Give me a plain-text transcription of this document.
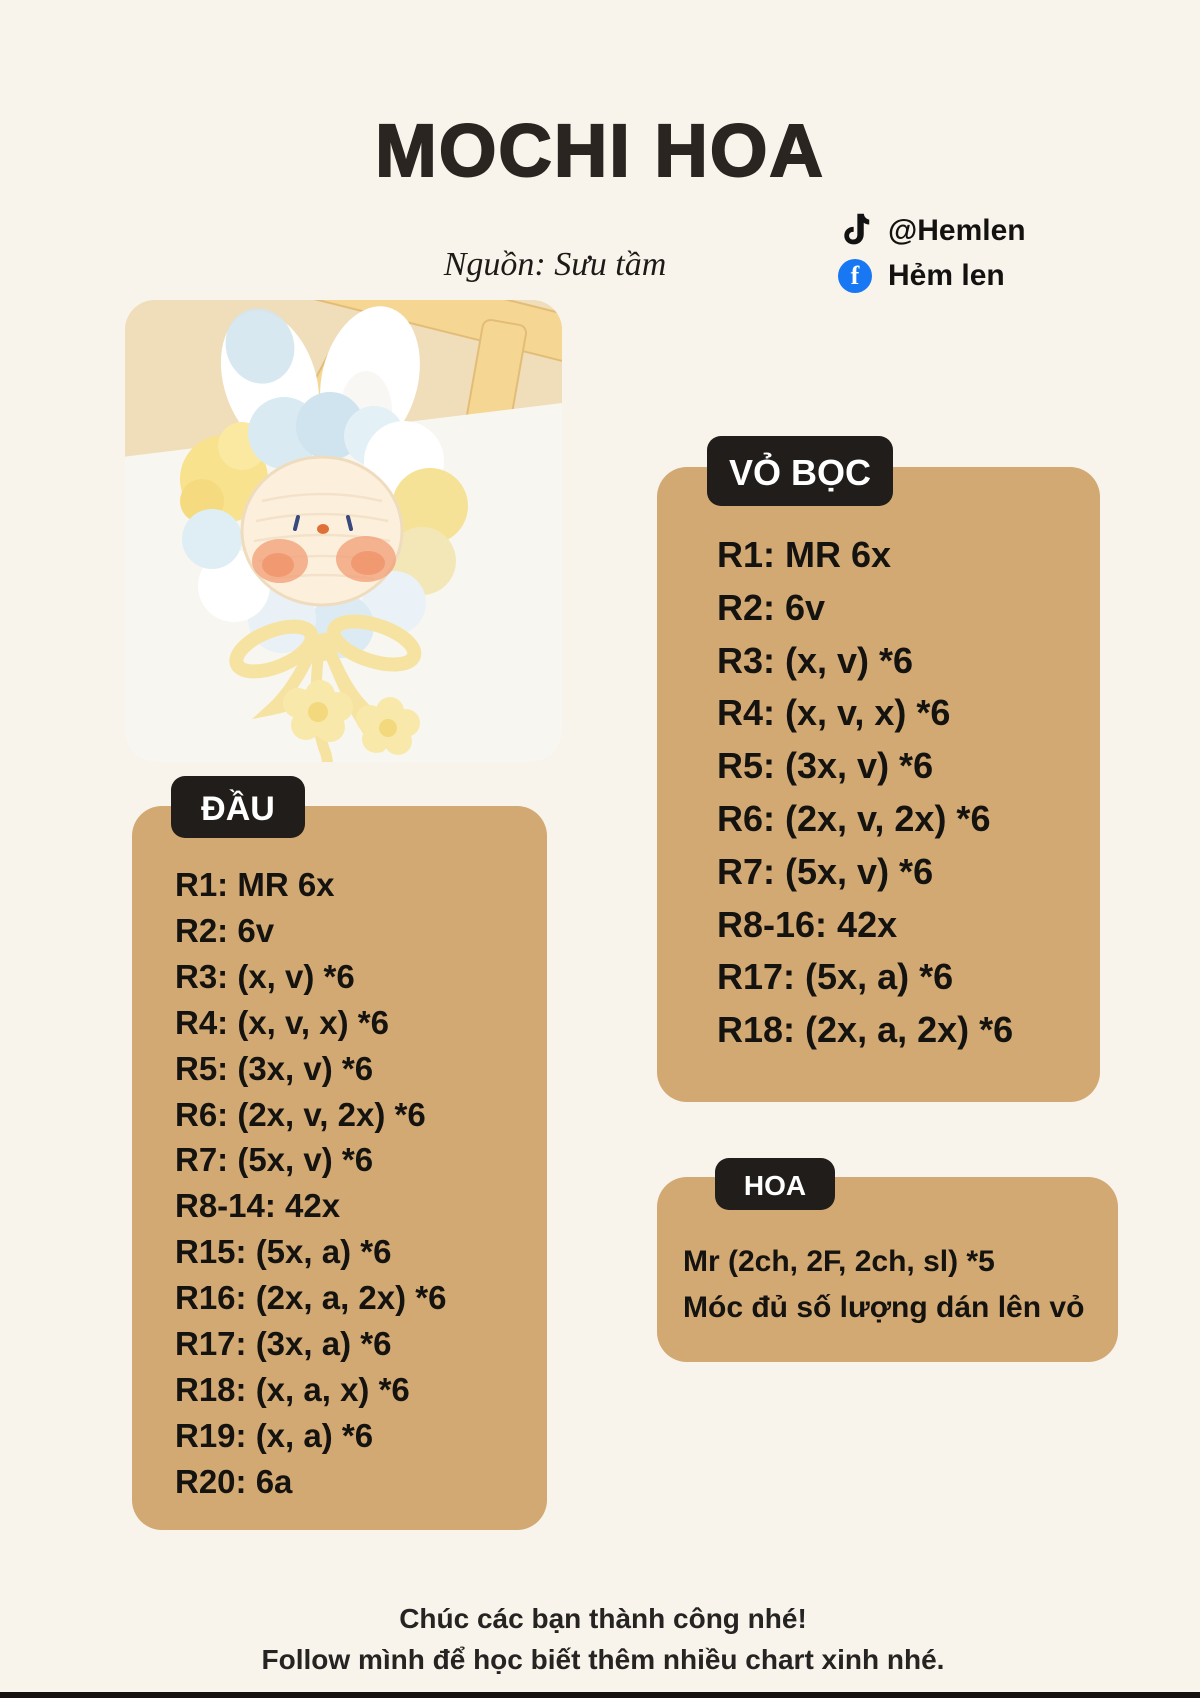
MOCHI HOA
Nguồn: Sưu tầm
@Hemlen
f Hẻm len
VỎ BỌC
R1: MR 6x
R2: 6v
R3: (x, v) *6
R4: (x, v, x) *6
R5: (3x, v) *6
R6: (2x, v, 2x) *6
R7: (5x, v) *6
R8-16: 42x
R17: (5x, a) *6
R18: (2x, a, 2x) *6
ĐẦU
R1: MR 6x
R2: 6v
R3: (x, v) *6
R4: (x, v, x) *6
R5: (3x, v) *6
R6: (2x, v, 2x) *6
R7: (5x, v) *6
R8-14: 42x
R15: (5x, a) *6
R16: (2x, a, 2x) *6
R17: (3x, a) *6
R18: (x, a, x) *6
R19: (x, a) *6
R20: 6a
HOA
Mr (2ch, 2F, 2ch, sl) *5
Móc đủ số lượng dán lên vỏ
Chúc các bạn thành công nhé!
Follow mình để học biết thêm nhiều chart xinh nhé.
